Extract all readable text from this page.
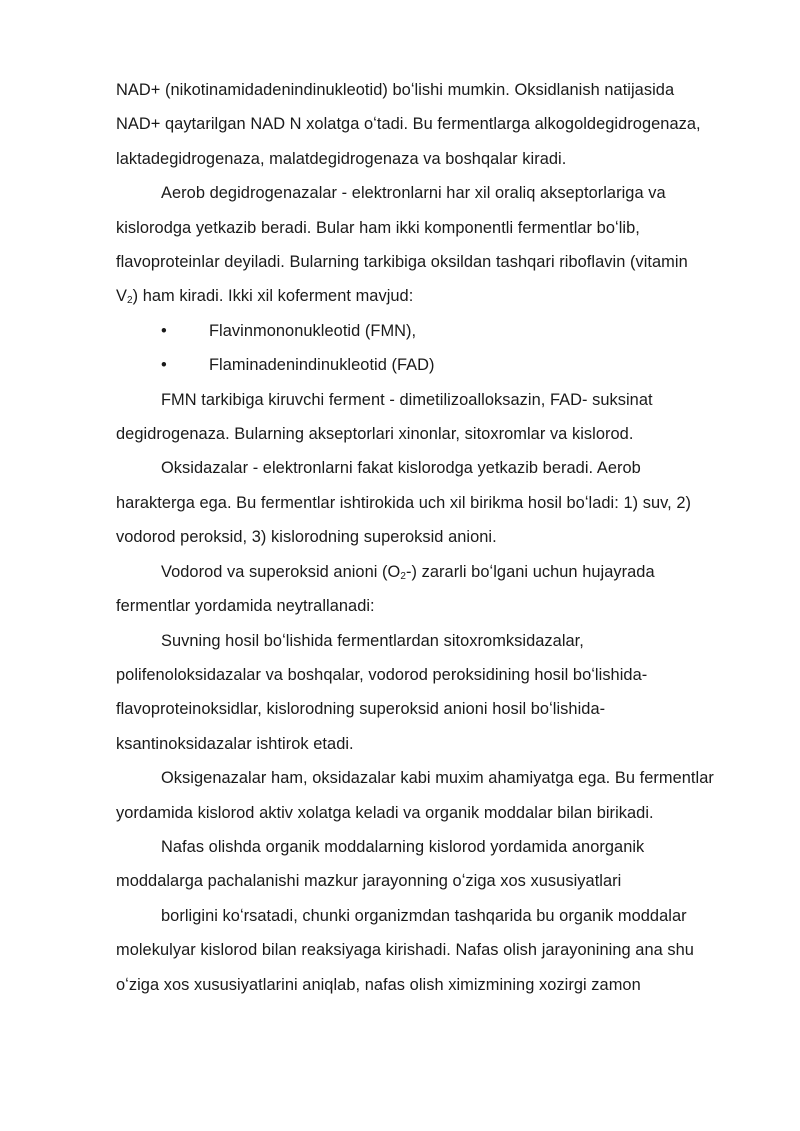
NAD+ (nikotinamidadenindinukleotid) boʻlishi mumkin. Oksidlanish natijasida
NAD+ qaytarilgan NAD N xolatga oʻtadi. Bu fermentlarga alkogoldegidrogenaza,
laktadegidrogenaza, malatdegidrogenaza va boshqalar kiradi.
Aerob degidrogenazalar - elektronlarni har xil oraliq akseptorlariga va
kislorodga yetkazib beradi. Bular ham ikki komponentli fermentlar boʻlib,
flavoproteinlar deyiladi. Bularning tarkibiga oksildan tashqari riboflavin (vitamin
$V_2$) ham kiradi. Ikki xil koferment mavjud:
•	Flavinmononukleotid (FMN),
•	Flaminadenindinukleotid (FAD)
FMN tarkibiga kiruvchi ferment - dimetilizoalloksazin, FAD- suksinat
degidrogenaza. Bularning akseptorlari xinonlar, sitoxromlar va kislorod.
Oksidazalar - elektronlarni fakat kislorodga yetkazib beradi. Aerob
harakterga ega. Bu fermentlar ishtirokida uch xil birikma hosil boʻladi: 1) suv, 2)
vodorod peroksid, 3) kislorodning superoksid anioni.
Vodorod va superoksid anioni $(O_2-)$ zararli boʻlgani uchun hujayrada
fermentlar yordamida neytrallanadi:
Suvning hosil boʻlishida fermentlardan sitoxromksidazalar,
polifenoloksidazalar va boshqalar, vodorod peroksidining hosil boʻlishida-
flavoproteinoksidlar, kislorodning superoksid anioni hosil boʻlishida-
ksantinoksidazalar ishtirok etadi.
Oksigenazalar ham, oksidazalar kabi muxim ahamiyatga ega. Bu fermentlar
yordamida kislorod aktiv xolatga keladi va organik moddalar bilan birikadi.
Nafas olishda organik moddalarning kislorod yordamida anorganik
moddalarga pachalanishi mazkur jarayonning oʻziga xos xususiyatlari
borligini koʻrsatadi, chunki organizmdan tashqarida bu organik moddalar
molekulyar kislorod bilan reaksiyaga kirishadi. Nafas olish jarayonining ana shu
oʻziga xos xususiyatlarini aniqlab, nafas olish ximizmining xozirgi zamon
